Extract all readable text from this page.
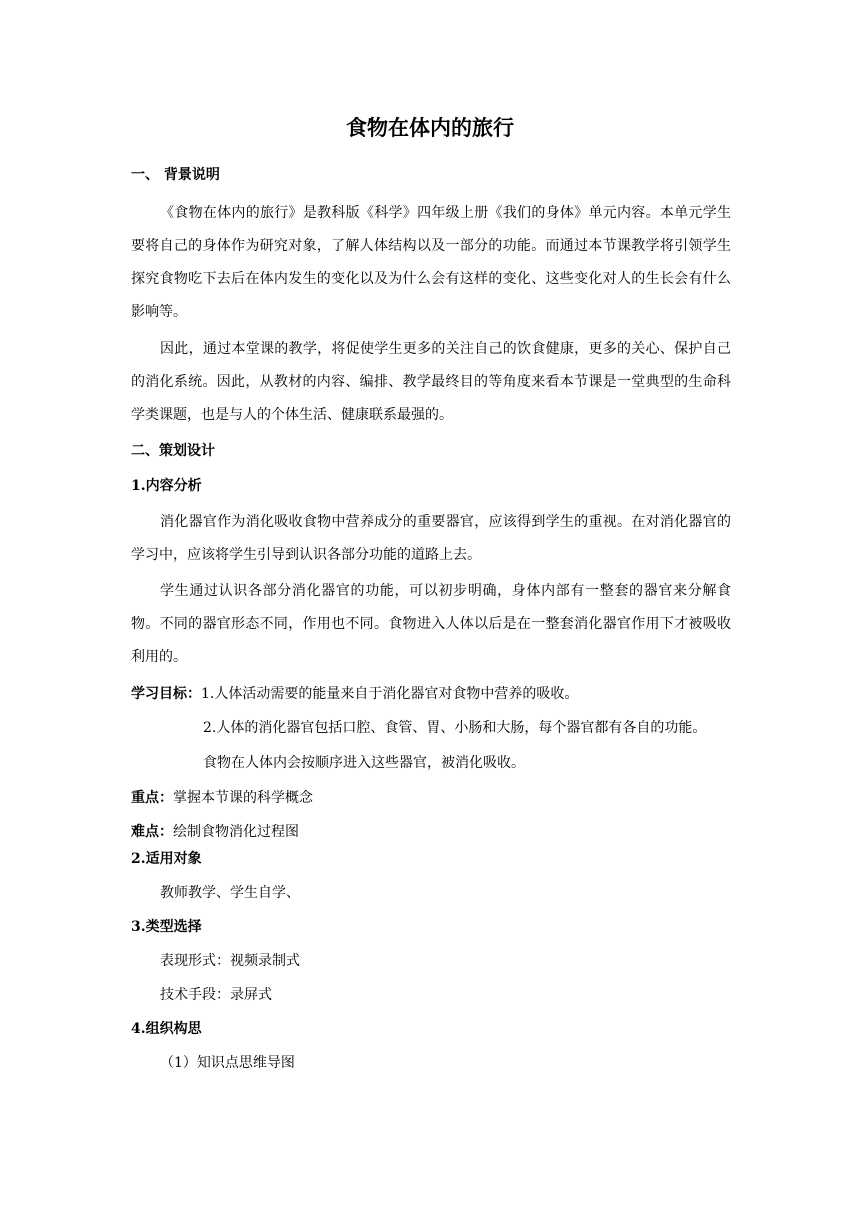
食物在体内的旅行
一、 背景说明

《食物在体内的旅行》是教科版《科学》四年级上册《我们的身体》单元内容。本单元学生要将自己的身体作为研究对象，了解人体结构以及一部分的功能。而通过本节课教学将引领学生探究食物吃下去后在体内发生的变化以及为什么会有这样的变化、这些变化对人的生长会有什么影响等。

因此，通过本堂课的教学，将促使学生更多的关注自己的饮食健康，更多的关心、保护自己的消化系统。因此，从教材的内容、编排、教学最终目的等角度来看本节课是一堂典型的生命科学类课题，也是与人的个体生活、健康联系最强的。

二、策划设计
1.内容分析

消化器官作为消化吸收食物中营养成分的重要器官，应该得到学生的重视。在对消化器官的学习中，应该将学生引导到认识各部分功能的道路上去。

学生通过认识各部分消化器官的功能，可以初步明确，身体内部有一整套的器官来分解食物。不同的器官形态不同，作用也不同。食物进入人体以后是在一整套消化器官作用下才被吸收利用的。

学习目标：1.人体活动需要的能量来自于消化器官对食物中营养的吸收。
2.人体的消化器官包括口腔、食管、胃、小肠和大肠，每个器官都有各自的功能。
食物在人体内会按顺序进入这些器官，被消化吸收。
重点：掌握本节课的科学概念
难点：绘制食物消化过程图
2.适用对象
教师教学、学生自学、
3.类型选择
表现形式：视频录制式
技术手段：录屏式
4.组织构思
（1）知识点思维导图
